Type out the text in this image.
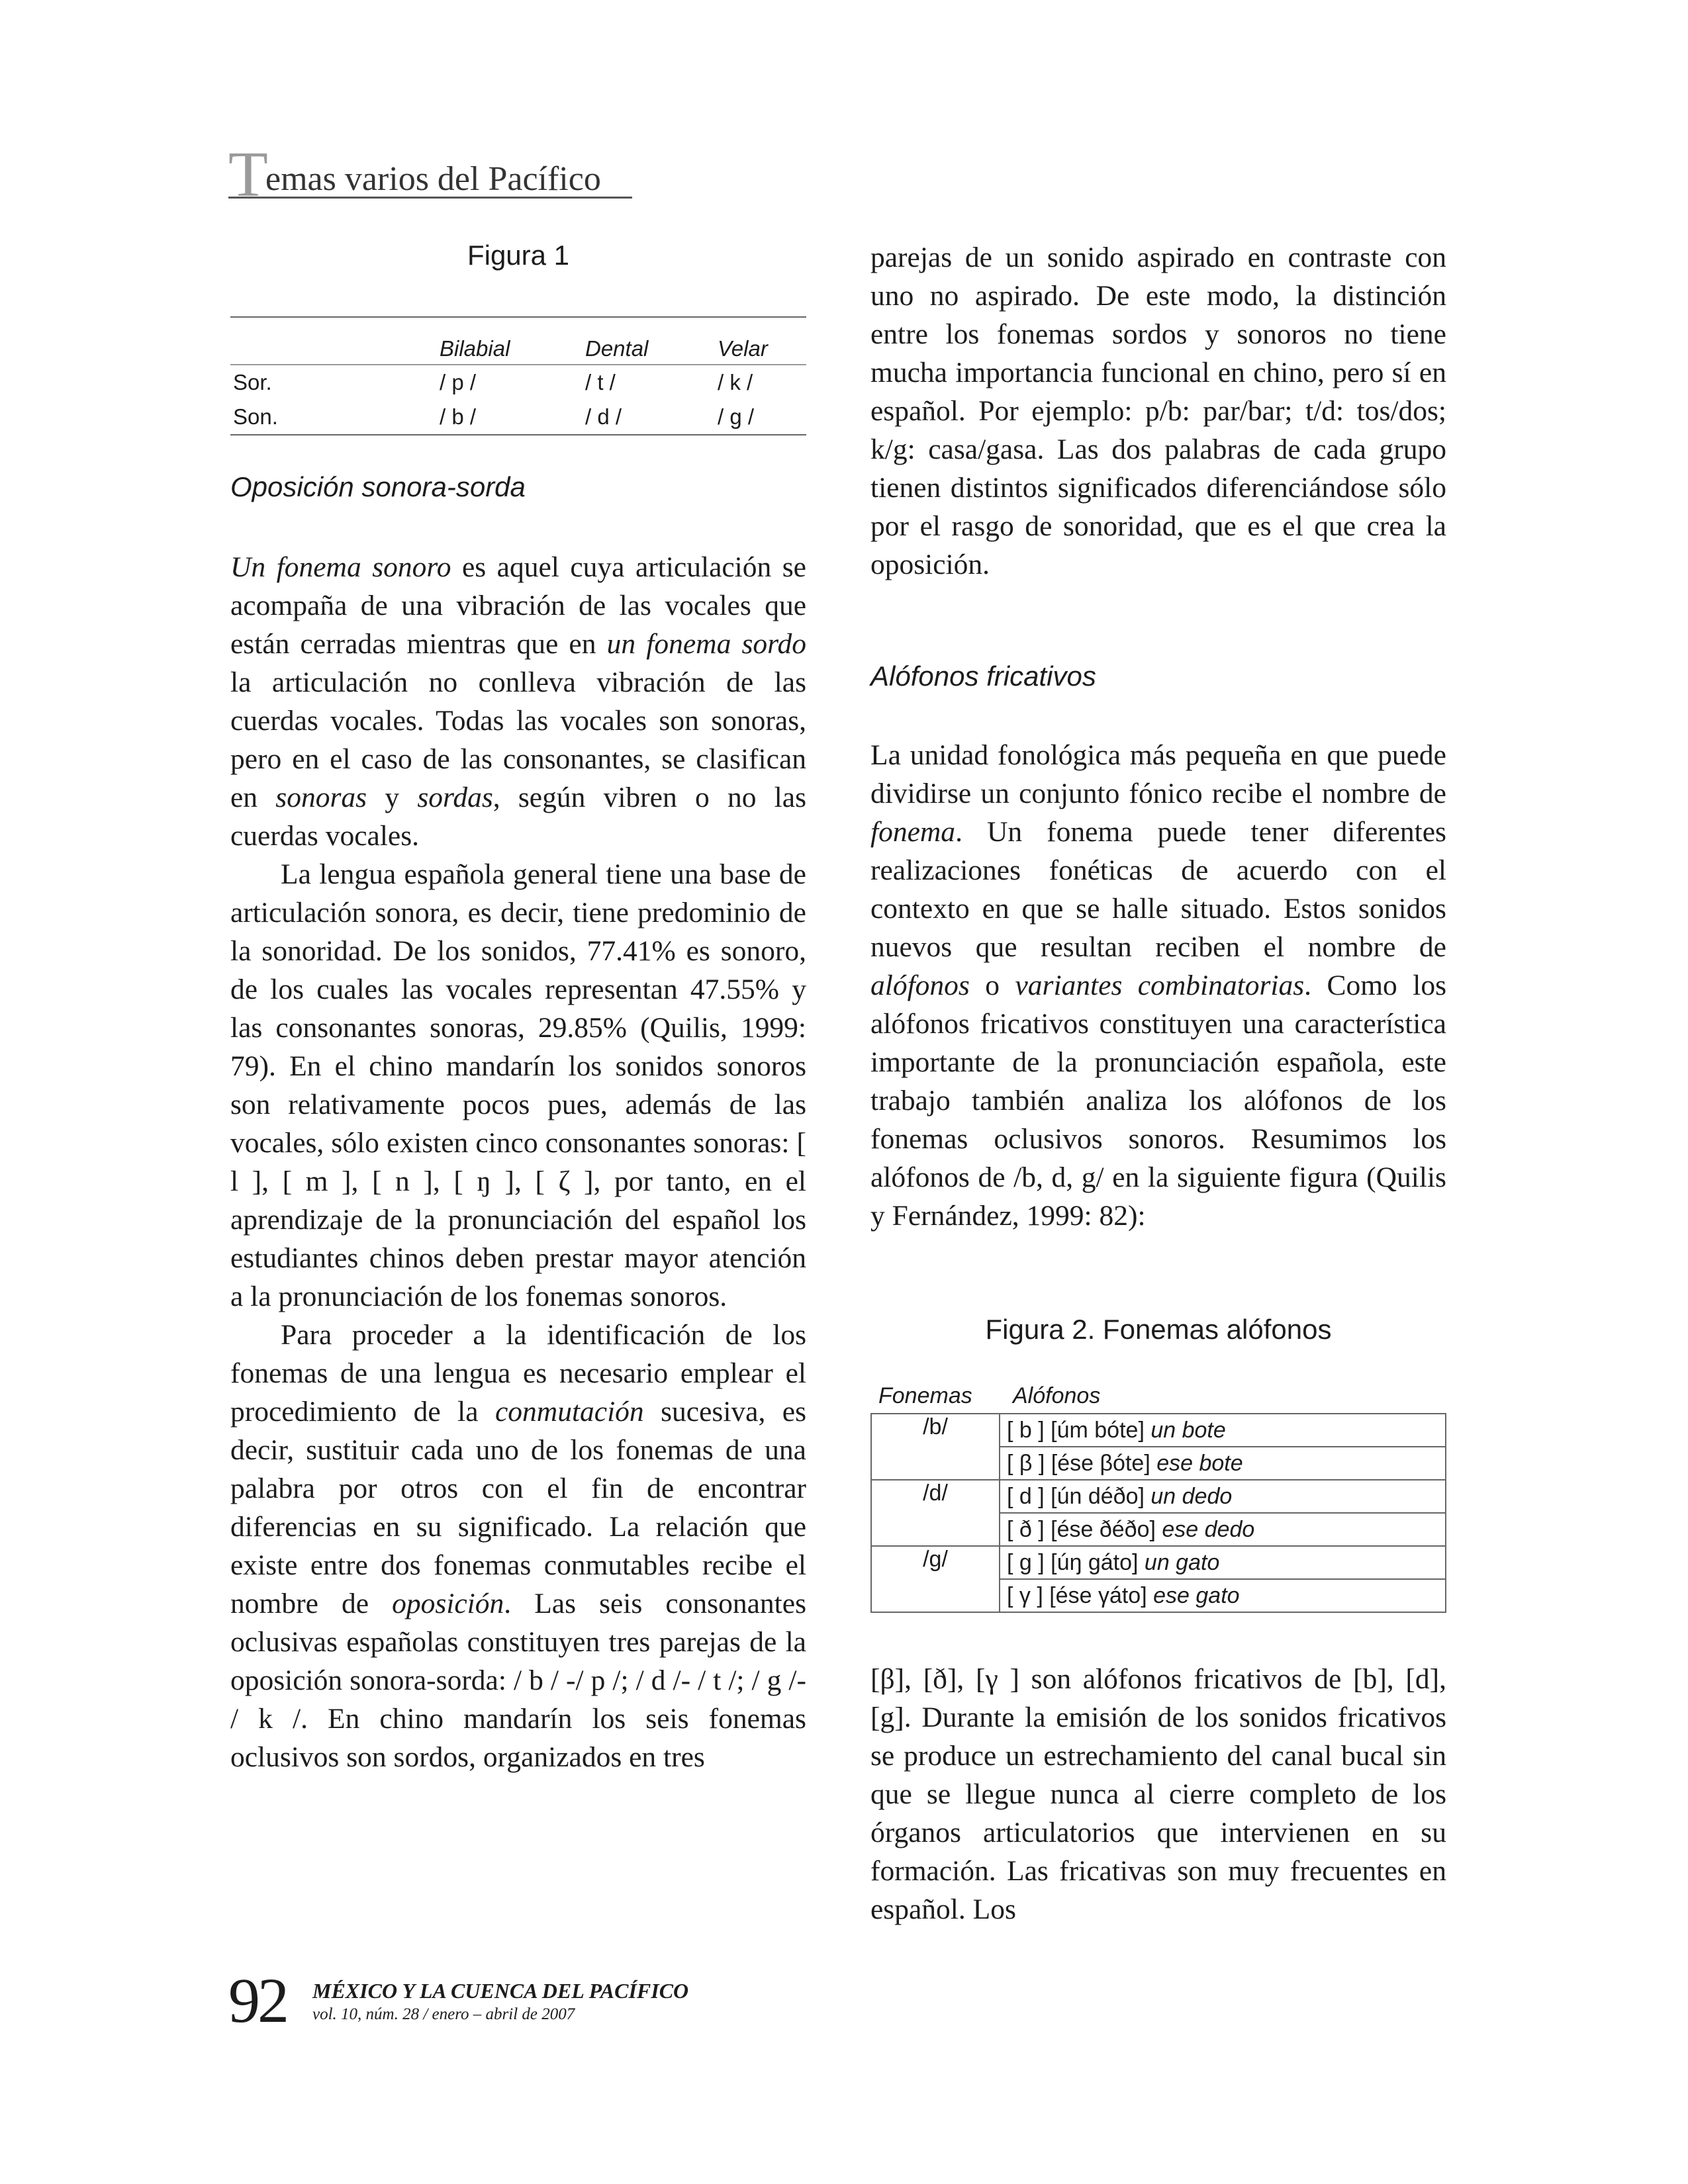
T
emas varios del Pacífico
Figura 1
	Bilabial	Dental	Velar
Sor.	/ p /	/ t /	/ k /
Son.	/ b /	/ d /	/ g /
Oposición sonora-sorda

Un fonema sonoro es aquel cuya articulación se acompaña de una vibración de las vocales que están cerradas mientras que en un fonema sordo la articulación no conlleva vibración de las cuerdas vocales. Todas las vocales son sonoras, pero en el caso de las consonantes, se clasifican en sonoras y sordas, según vibren o no las cuerdas vocales.

La lengua española general tiene una base de articulación sonora, es decir, tiene predominio de la sonoridad. De los sonidos, 77.41% es sonoro, de los cuales las vocales representan 47.55% y las consonantes sonoras, 29.85% (Quilis, 1999: 79). En el chino mandarín los sonidos sonoros son relativamente pocos pues, además de las vocales, sólo existen cinco consonantes sonoras: [ l ], [ m ], [ n ], [ ŋ ], [ ζ ], por tanto, en el aprendizaje de la pronunciación del español los estudiantes chinos deben prestar mayor atención a la pronunciación de los fonemas sonoros.

Para proceder a la identificación de los fonemas de una lengua es necesario emplear el procedimiento de la conmutación sucesiva, es decir, sustituir cada uno de los fonemas de una palabra por otros con el fin de encontrar diferencias en su significado. La relación que existe entre dos fonemas conmutables recibe el nombre de oposición. Las seis consonantes oclusivas españolas constituyen tres parejas de la oposición sonora-sorda: / b / -/ p /; / d /- / t /; / g /- / k /. En chino mandarín los seis fonemas oclusivos son sordos, organizados en tres

parejas de un sonido aspirado en contraste con uno no aspirado. De este modo, la distinción entre los fonemas sordos y sonoros no tiene mucha importancia funcional en chino, pero sí en español. Por ejemplo: p/b: par/bar; t/d: tos/dos; k/g: casa/gasa. Las dos palabras de cada grupo tienen distintos significados diferenciándose sólo por el rasgo de sonoridad, que es el que crea la oposición.

Alófonos fricativos

La unidad fonológica más pequeña en que puede dividirse un conjunto fónico recibe el nombre de fonema. Un fonema puede tener diferentes realizaciones fonéticas de acuerdo con el contexto en que se halle situado. Estos sonidos nuevos que resultan reciben el nombre de alófonos o variantes combinatorias. Como los alófonos fricativos constituyen una característica importante de la pronunciación española, este trabajo también analiza los alófonos de los fonemas oclusivos sonoros. Resumimos los alófonos de /b, d, g/ en la siguiente figura (Quilis y Fernández, 1999: 82):

Figura 2. Fonemas alófonos
Fonemas Alófonos
/b/	[ b ] [úm bóte] un bote
	[ β ] [ése βóte] ese bote
/d/	[ d ] [ún déðo] un dedo
	[ ð ] [ése ðéðo] ese dedo
/g/	[ g ] [úŋ gáto] un gato
	[ γ ] [ése γáto] ese gato

[β], [ð], [γ ] son alófonos fricativos de [b], [d], [g]. Durante la emisión de los sonidos fricativos se produce un estrechamiento del canal bucal sin que se llegue nunca al cierre completo de los órganos articulatorios que intervienen en su formación. Las fricativas son muy frecuentes en español. Los

92 MÉXICO Y LA CUENCA DEL PACÍFICO
vol. 10, núm. 28 / enero – abril de 2007
